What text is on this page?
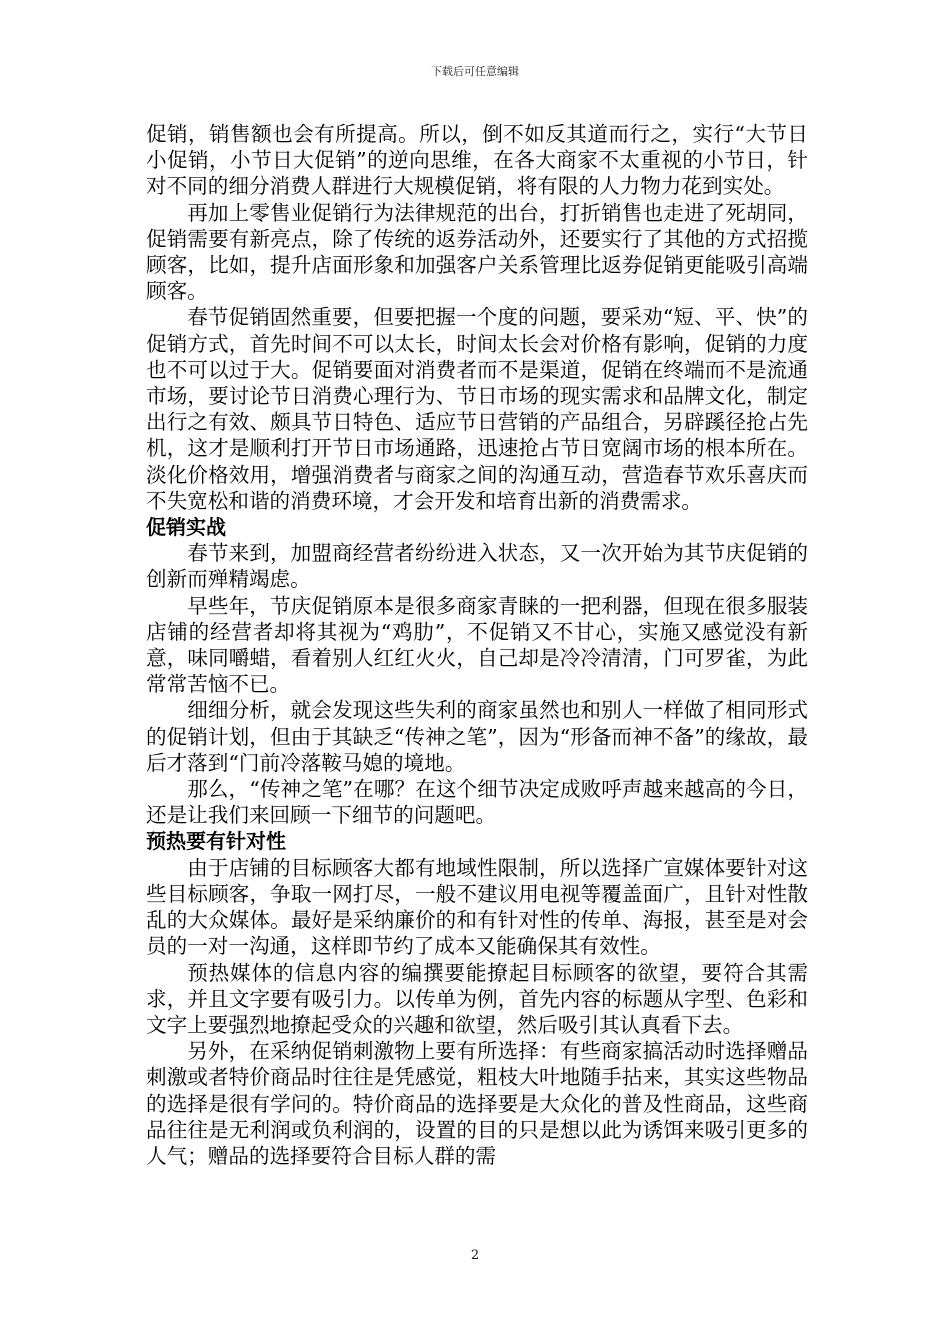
下载后可任意编辑

促销，销售额也会有所提高。所以，倒不如反其道而行之，实行“大节日小促销，小节日大促销”的逆向思维，在各大商家不太重视的小节日，针对不同的细分消费人群进行大规模促销，将有限的人力物力花到实处。

再加上零售业促销行为法律规范的出台，打折销售也走进了死胡同，促销需要有新亮点，除了传统的返券活动外，还要实行了其他的方式招揽顾客，比如，提升店面形象和加强客户关系管理比返券促销更能吸引高端顾客。

春节促销固然重要，但要把握一个度的问题，要采劝“短、平、快”的促销方式，首先时间不可以太长，时间太长会对价格有影响，促销的力度也不可以过于大。促销要面对消费者而不是渠道，促销在终端而不是流通市场，要讨论节日消费心理行为、节日市场的现实需求和品牌文化，制定出行之有效、颇具节日特色、适应节日营销的产品组合，另辟蹊径抢占先机，这才是顺利打开节日市场通路，迅速抢占节日宽阔市场的根本所在。淡化价格效用，增强消费者与商家之间的沟通互动，营造春节欢乐喜庆而不失宽松和谐的消费环境，才会开发和培育出新的消费需求。

促销实战

春节来到，加盟商经营者纷纷进入状态，又一次开始为其节庆促销的创新而殚精竭虑。

早些年，节庆促销原本是很多商家青睐的一把利器，但现在很多服装店铺的经营者却将其视为“鸡肋”，不促销又不甘心，实施又感觉没有新意，味同嚼蜡，看着别人红红火火，自己却是冷冷清清，门可罗雀，为此常常苦恼不已。

细细分析，就会发现这些失利的商家虽然也和别人一样做了相同形式的促销计划，但由于其缺乏“传神之笔”，因为“形备而神不备”的缘故，最后才落到“门前冷落鞍马媳的境地。

那么，“传神之笔”在哪？在这个细节决定成败呼声越来越高的今日，还是让我们来回顾一下细节的问题吧。

预热要有针对性

由于店铺的目标顾客大都有地域性限制，所以选择广宣媒体要针对这些目标顾客，争取一网打尽，一般不建议用电视等覆盖面广，且针对性散乱的大众媒体。最好是采纳廉价的和有针对性的传单、海报，甚至是对会员的一对一沟通，这样即节约了成本又能确保其有效性。

预热媒体的信息内容的编撰要能撩起目标顾客的欲望，要符合其需求，并且文字要有吸引力。以传单为例，首先内容的标题从字型、色彩和文字上要强烈地撩起受众的兴趣和欲望，然后吸引其认真看下去。

另外，在采纳促销刺激物上要有所选择：有些商家搞活动时选择赠品刺激或者特价商品时往往是凭感觉，粗枝大叶地随手拈来，其实这些物品的选择是很有学问的。特价商品的选择要是大众化的普及性商品，这些商品往往是无利润或负利润的，设置的目的只是想以此为诱饵来吸引更多的人气；赠品的选择要符合目标人群的需

2
